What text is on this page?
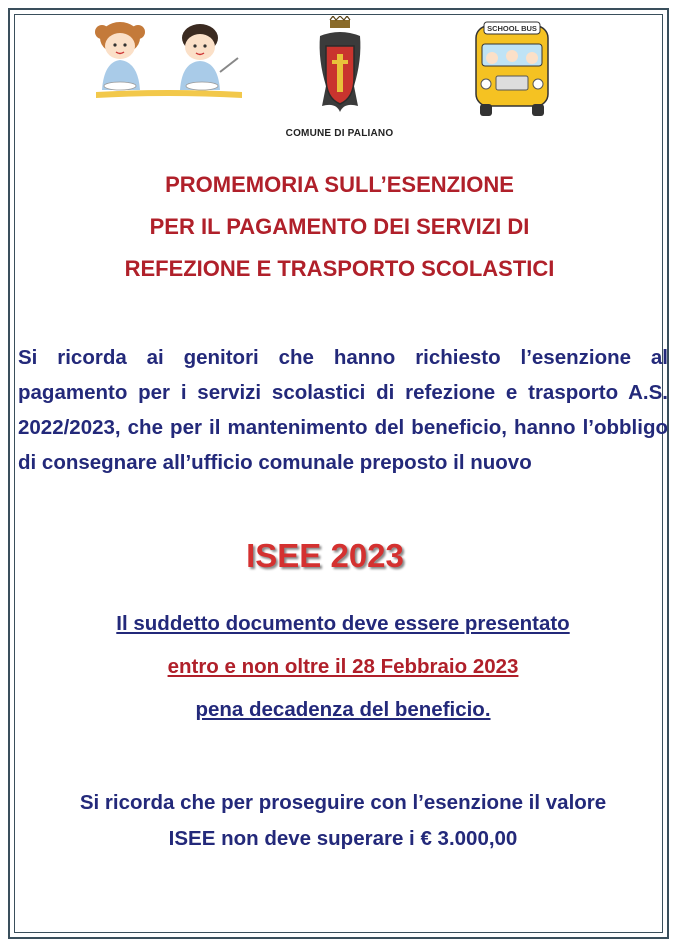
SCHOOL BUS
COMUNE DI PALIANO
PROMEMORIA SULL’ESENZIONE
PER IL PAGAMENTO DEI SERVIZI DI
REFEZIONE E TRASPORTO SCOLASTICI
Si ricorda ai genitori che hanno richiesto l’esenzione al pagamento per i servizi scolastici di refezione e trasporto A.S. 2022/2023, che per il mantenimento del beneficio, hanno l’obbligo di consegnare all’ufficio comunale preposto il nuovo
ISEE 2023
Il suddetto documento deve essere presentato
entro e non oltre il 28 Febbraio 2023
pena decadenza del beneficio.
Si ricorda che per proseguire con l’esenzione il valore
ISEE non deve superare i € 3.000,00
